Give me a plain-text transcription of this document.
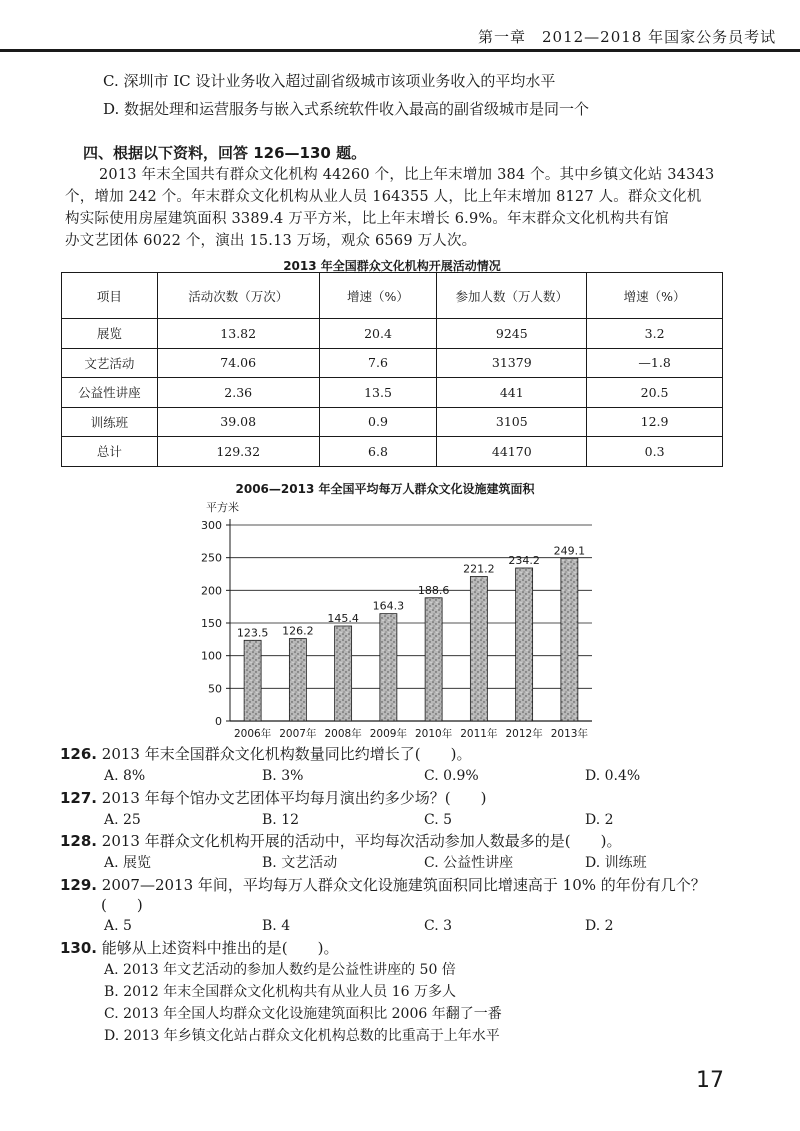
第一章　2012—2018 年国家公务员考试
C. 深圳市 IC 设计业务收入超过副省级城市该项业务收入的平均水平
D. 数据处理和运营服务与嵌入式系统软件收入最高的副省级城市是同一个
四、根据以下资料，回答 126—130 题。
2013 年末全国共有群众文化机构 44260 个，比上年末增加 384 个。其中乡镇文化站 34343
个，增加 242 个。年末群众文化机构从业人员 164355 人，比上年末增加 8127 人。群众文化机
构实际使用房屋建筑面积 3389.4 万平方米，比上年末增长 6.9%。年末群众文化机构共有馆
办文艺团体 6022 个，演出 15.13 万场，观众 6569 万人次。
2013 年全国群众文化机构开展活动情况
项目	活动次数（万次）	增速（%）	参加人数（万人数）	增速（%）
展览	13.82	20.4	9245	3.2
文艺活动	74.06	7.6	31379	—1.8
公益性讲座	2.36	13.5	441	20.5
训练班	39.08	0.9	3105	12.9
总计	129.32	6.8	44170	0.3
2006—2013 年全国平均每万人群众文化设施建筑面积
平方米
0
50
100
150
200
250
300
123.5
2006年
126.2
2007年
145.4
2008年
164.3
2009年
188.6
2010年
221.2
2011年
234.2
2012年
249.1
2013年
126. 2013 年末全国群众文化机构数量同比约增长了(　　)。
A. 8%	B. 3%	C. 0.9%	D. 0.4%
127. 2013 年每个馆办文艺团体平均每月演出约多少场？(　　)
A. 25	B. 12	C. 5	D. 2
128. 2013 年群众文化机构开展的活动中，平均每次活动参加人数最多的是(　　)。
A. 展览	B. 文艺活动	C. 公益性讲座	D. 训练班
129. 2007—2013 年间，平均每万人群众文化设施建筑面积同比增速高于 10% 的年份有几个？
(　　)
A. 5	B. 4	C. 3	D. 2
130. 能够从上述资料中推出的是(　　)。
A. 2013 年文艺活动的参加人数约是公益性讲座的 50 倍
B. 2012 年末全国群众文化机构共有从业人员 16 万多人
C. 2013 年全国人均群众文化设施建筑面积比 2006 年翻了一番
D. 2013 年乡镇文化站占群众文化机构总数的比重高于上年水平
17
